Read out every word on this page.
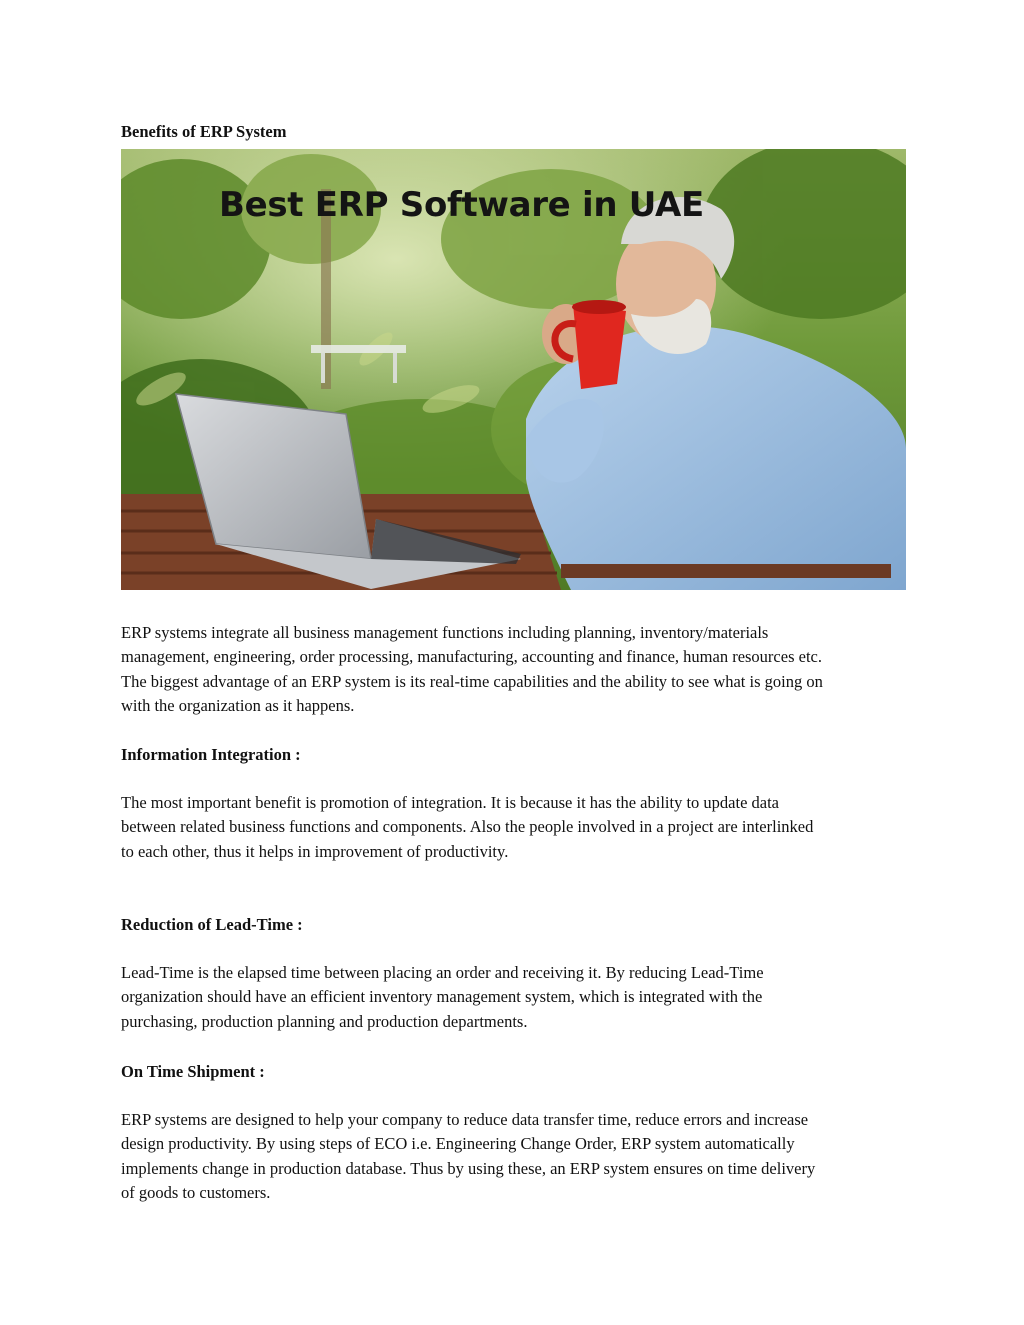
Benefits of ERP System
Best ERP Software in UAE
ERP systems integrate all business management functions including planning, inventory/materials
management, engineering, order processing, manufacturing, accounting and finance, human resources etc.
The biggest advantage of an ERP system is its real-time capabilities and the ability to see what is going on
with the organization as it happens.
Information Integration :
The most important benefit is promotion of integration. It is because it has the ability to update data
between related business functions and components. Also the people involved in a project are interlinked
to each other, thus it helps in improvement of productivity.
Reduction of Lead-Time :
Lead-Time is the elapsed time between placing an order and receiving it. By reducing Lead-Time
organization should have an efficient inventory management system, which is integrated with the
purchasing, production planning and production departments.
On Time Shipment :
ERP systems are designed to help your company to reduce data transfer time, reduce errors and increase
design productivity. By using steps of ECO i.e. Engineering Change Order, ERP system automatically
implements change in production database. Thus by using these, an ERP system ensures on time delivery
of goods to customers.
